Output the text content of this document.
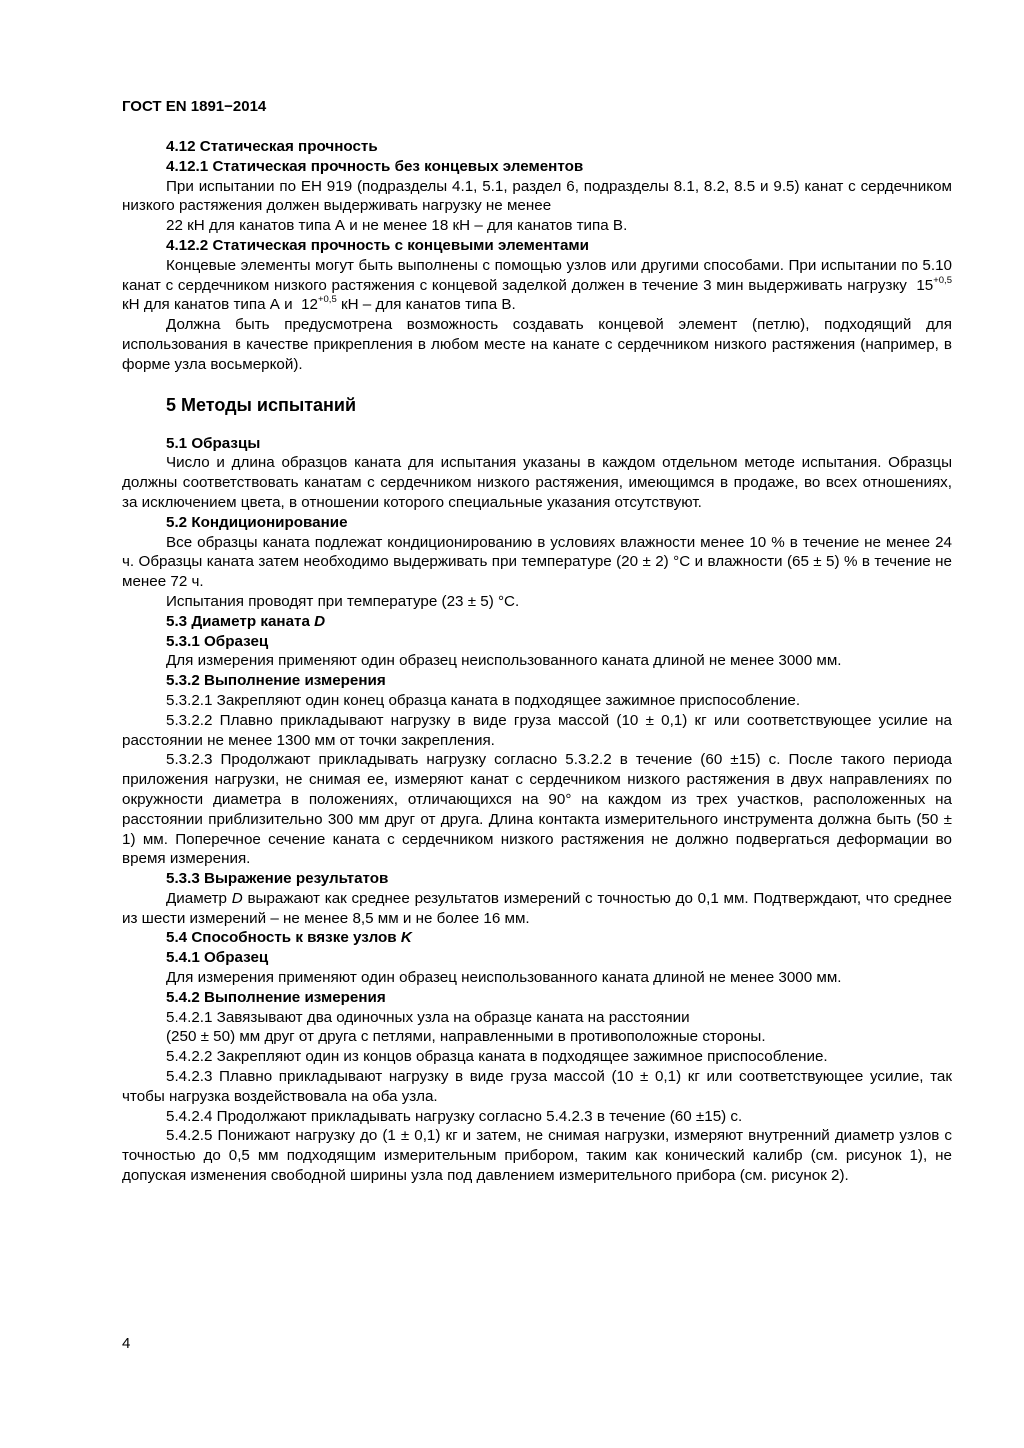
ГОСТ EN 1891−2014

4.12 Статическая прочность

4.12.1 Статическая прочность без концевых элементов

При испытании по ЕН 919 (подразделы 4.1, 5.1, раздел 6, подразделы 8.1, 8.2, 8.5 и 9.5) канат с сердечником низкого растяжения должен выдерживать нагрузку не менее

22 кН для канатов типа А и не менее 18 кН – для канатов типа В.

4.12.2 Статическая прочность с концевыми элементами

Концевые элементы могут быть выполнены с помощью узлов или другими способами. При испытании по 5.10 канат с сердечником низкого растяжения с концевой заделкой должен в течение 3 мин выдерживать нагрузку $15^{+0,5}$ кН для канатов типа А и $12^{+0,5}$ кН – для канатов типа В.

Должна быть предусмотрена возможность создавать концевой элемент (петлю), подходящий для использования в качестве прикрепления в любом месте на канате с сердечником низкого растяжения (например, в форме узла восьмеркой).

5 Методы испытаний

5.1 Образцы

Число и длина образцов каната для испытания указаны в каждом отдельном методе испытания. Образцы должны соответствовать канатам с сердечником низкого растяжения, имеющимся в продаже, во всех отношениях, за исключением цвета, в отношении которого специальные указания отсутствуют.

5.2 Кондиционирование

Все образцы каната подлежат кондиционированию в условиях влажности менее 10 % в течение не менее 24 ч. Образцы каната затем необходимо выдерживать при температуре (20 ± 2) °С и влажности (65 ± 5) % в течение не менее 72 ч.

Испытания проводят при температуре (23 ± 5) °С.

5.3 Диаметр каната D

5.3.1 Образец

Для измерения применяют один образец неиспользованного каната длиной не менее 3000 мм.

5.3.2 Выполнение измерения

5.3.2.1 Закрепляют один конец образца каната в подходящее зажимное приспособление.

5.3.2.2 Плавно прикладывают нагрузку в виде груза массой (10 ± 0,1) кг или соответствующее усилие на расстоянии не менее 1300 мм от точки закрепления.

5.3.2.3 Продолжают прикладывать нагрузку согласно 5.3.2.2 в течение (60 ±15) с. После такого периода приложения нагрузки, не снимая ее, измеряют канат с сердечником низкого растяжения в двух направлениях по окружности диаметра в положениях, отличающихся на 90° на каждом из трех участков, расположенных на расстоянии приблизительно 300 мм друг от друга. Длина контакта измерительного инструмента должна быть (50 ± 1) мм. Поперечное сечение каната с сердечником низкого растяжения не должно подвергаться деформации во время измерения.

5.3.3 Выражение результатов

Диаметр D выражают как среднее результатов измерений с точностью до 0,1 мм. Подтверждают, что среднее из шести измерений – не менее 8,5 мм и не более 16 мм.

5.4 Способность к вязке узлов K

5.4.1 Образец

Для измерения применяют один образец неиспользованного каната длиной не менее 3000 мм.

5.4.2 Выполнение измерения

5.4.2.1 Завязывают два одиночных узла на образце каната на расстоянии

(250 ± 50) мм друг от друга с петлями, направленными в противоположные стороны.

5.4.2.2 Закрепляют один из концов образца каната в подходящее зажимное приспособление.

5.4.2.3 Плавно прикладывают нагрузку в виде груза массой (10 ± 0,1) кг или соответствующее усилие, так чтобы нагрузка воздействовала на оба узла.

5.4.2.4 Продолжают прикладывать нагрузку согласно 5.4.2.3 в течение (60 ±15) с.

5.4.2.5 Понижают нагрузку до (1 ± 0,1) кг и затем, не снимая нагрузки, измеряют внутренний диаметр узлов с точностью до 0,5 мм подходящим измерительным прибором, таким как конический калибр (см. рисунок 1), не допуская изменения свободной ширины узла под давлением измерительного прибора (см. рисунок 2).

4
